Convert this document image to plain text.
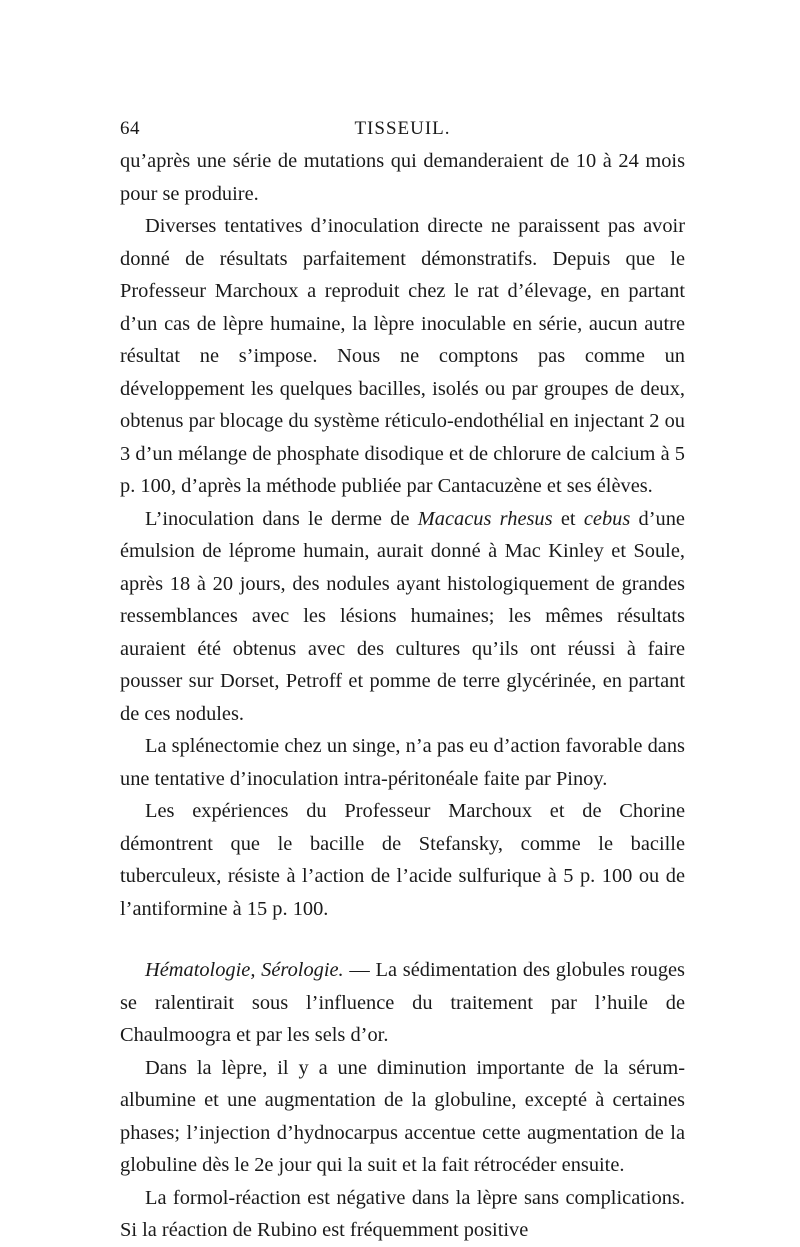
64	TISSEUIL.

qu’après une série de mutations qui demanderaient de 10 à 24 mois pour se produire.

Diverses tentatives d’inoculation directe ne paraissent pas avoir donné de résultats parfaitement démonstratifs. Depuis que le Professeur Marchoux a reproduit chez le rat d’élevage, en partant d’un cas de lèpre humaine, la lèpre inoculable en série, aucun autre résultat ne s’impose. Nous ne comptons pas comme un développement les quelques bacilles, isolés ou par groupes de deux, obtenus par blocage du système réticulo-endothélial en injectant 2 ou 3 d’un mélange de phosphate disodique et de chlorure de calcium à 5 p. 100, d’après la méthode publiée par Cantacuzène et ses élèves.

L’inoculation dans le derme de Macacus rhesus et cebus d’une émulsion de léprome humain, aurait donné à Mac Kinley et Soule, après 18 à 20 jours, des nodules ayant histologiquement de grandes ressemblances avec les lésions humaines; les mêmes résultats auraient été obtenus avec des cultures qu’ils ont réussi à faire pousser sur Dorset, Petroff et pomme de terre glycérinée, en partant de ces nodules.

La splénectomie chez un singe, n’a pas eu d’action favorable dans une tentative d’inoculation intra-péritonéale faite par Pinoy.

Les expériences du Professeur Marchoux et de Chorine démontrent que le bacille de Stefansky, comme le bacille tuberculeux, résiste à l’action de l’acide sulfurique à 5 p. 100 ou de l’antiformine à 15 p. 100.

Hématologie, Sérologie. — La sédimentation des globules rouges se ralentirait sous l’influence du traitement par l’huile de Chaulmoogra et par les sels d’or.

Dans la lèpre, il y a une diminution importante de la sérum-albumine et une augmentation de la globuline, excepté à certaines phases; l’injection d’hydnocarpus accentue cette augmentation de la globuline dès le 2e jour qui la suit et la fait rétrocéder ensuite.

La formol-réaction est négative dans la lèpre sans complications. Si la réaction de Rubino est fréquemment positive
